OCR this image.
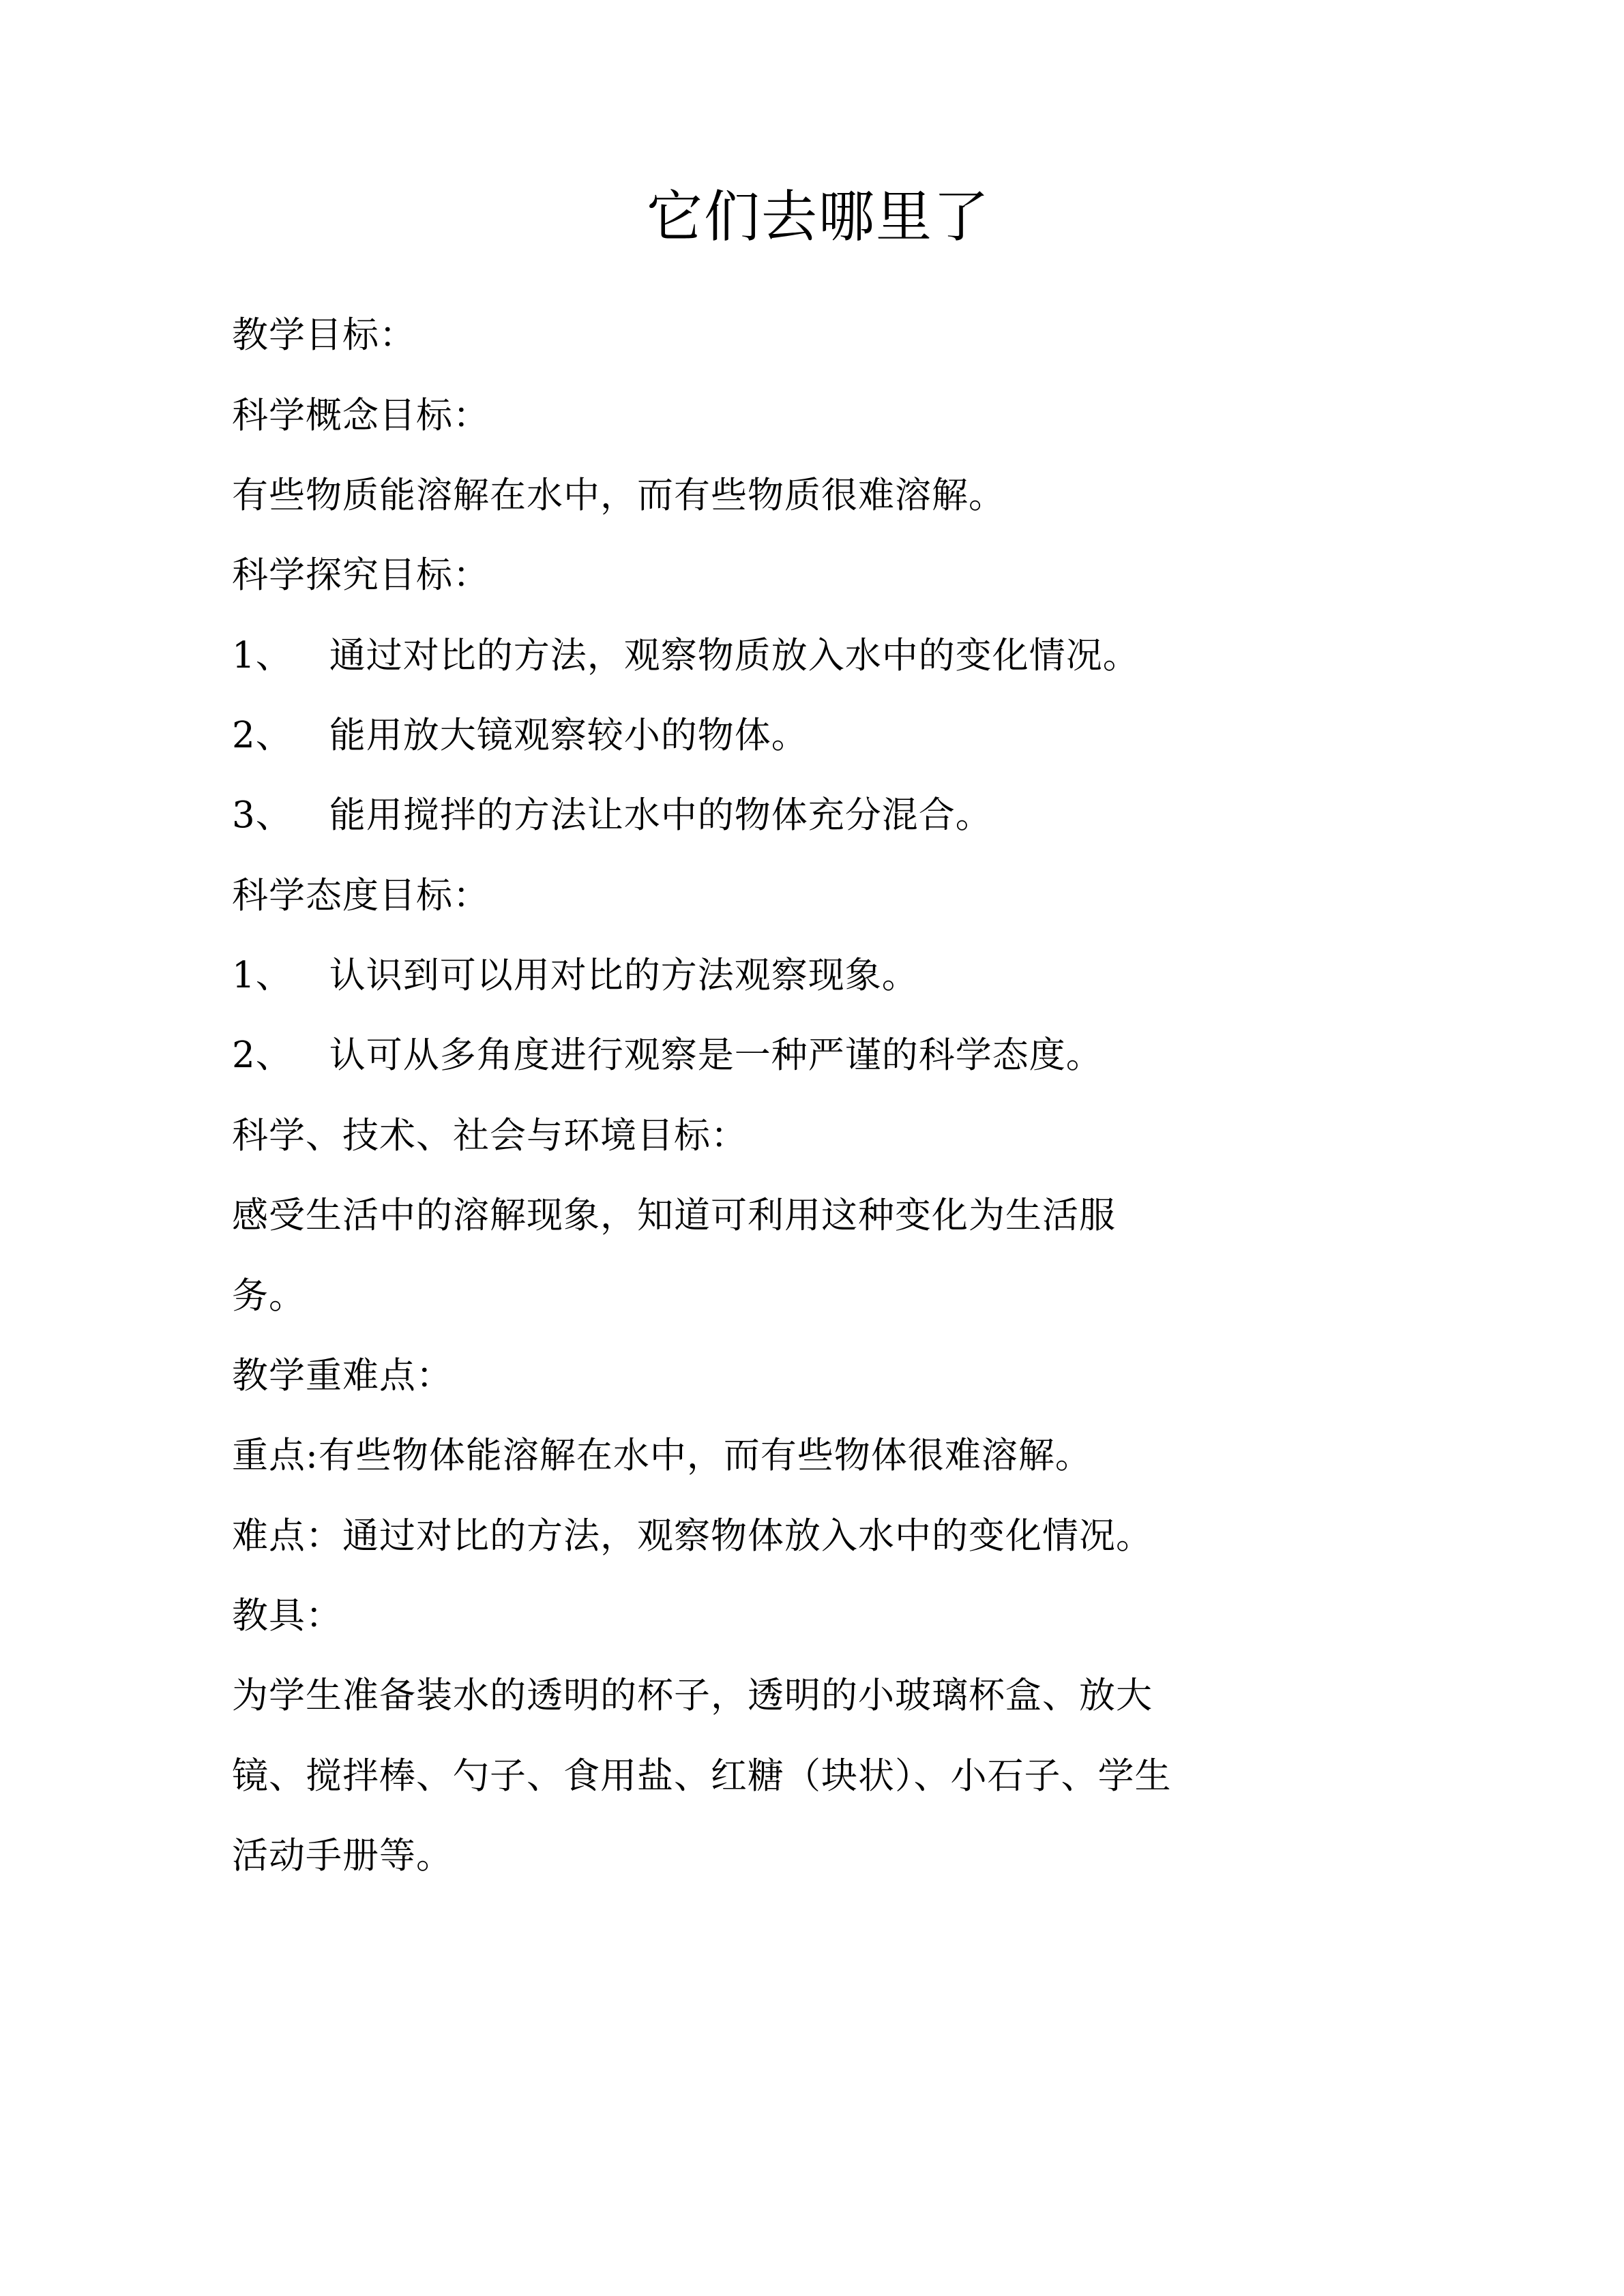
它们去哪里了

教学目标：

科学概念目标：

有些物质能溶解在水中，而有些物质很难溶解。

科学探究目标：

1、 通过对比的方法，观察物质放入水中的变化情况。

2、 能用放大镜观察较小的物体。

3、 能用搅拌的方法让水中的物体充分混合。

科学态度目标：

1、 认识到可以用对比的方法观察现象。

2、 认可从多角度进行观察是一种严谨的科学态度。

科学、技术、社会与环境目标：

感受生活中的溶解现象，知道可利用这种变化为生活服

务。

教学重难点：

重点:有些物体能溶解在水中，而有些物体很难溶解。

难点：通过对比的方法，观察物体放入水中的变化情况。

教具：

为学生准备装水的透明的杯子，透明的小玻璃杯盒、放大

镜、搅拌棒、勺子、食用盐、红糖（块状）、小石子、学生

活动手册等。
